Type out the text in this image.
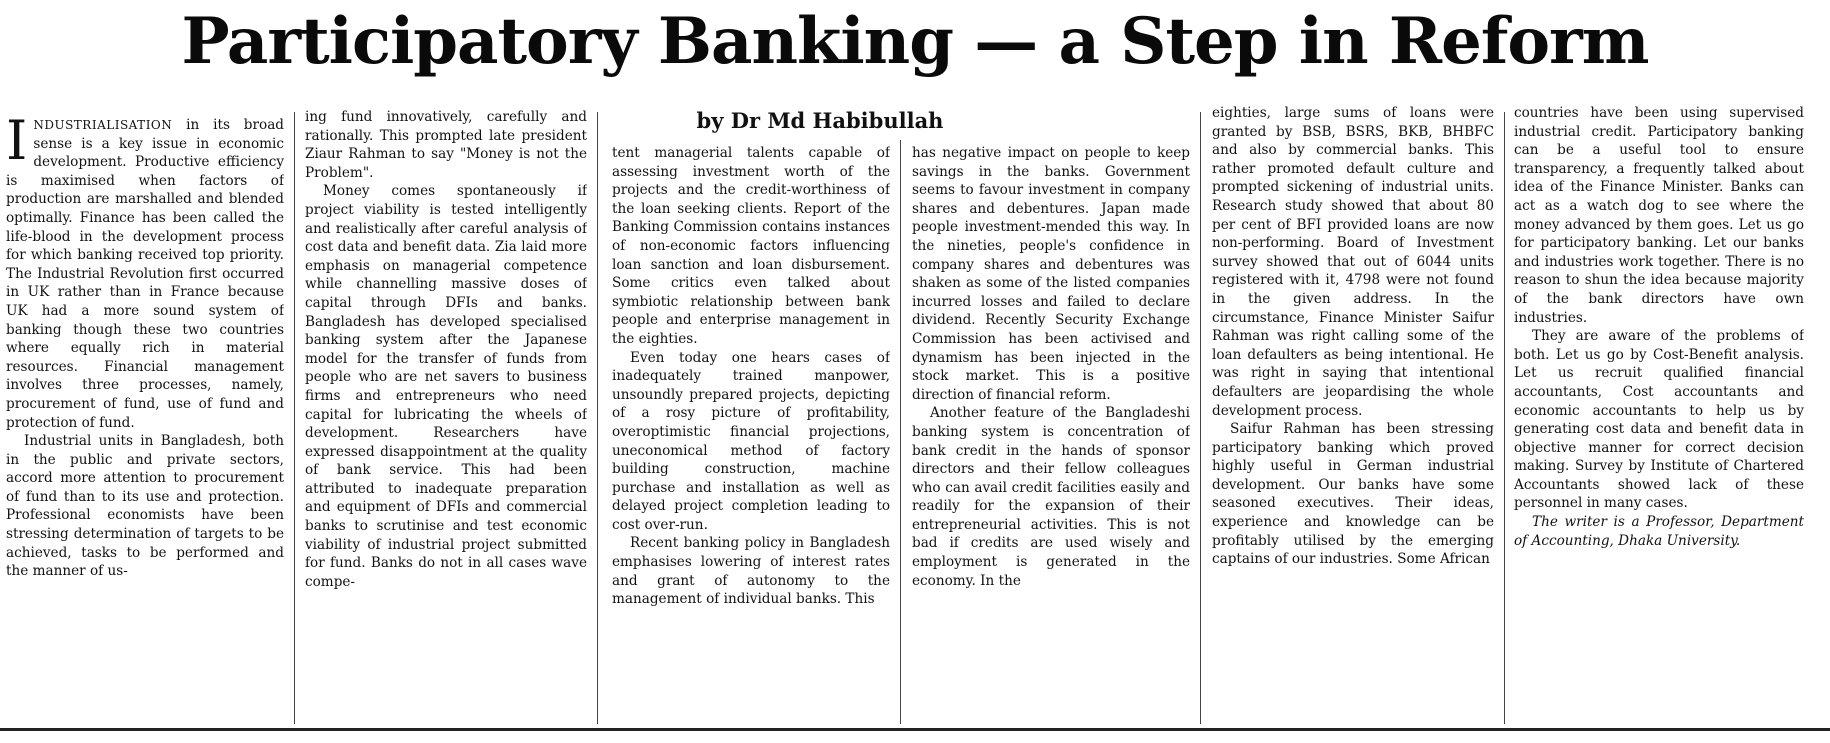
Participatory Banking — a Step in Reform
by Dr Md Habibullah

INDUSTRIALISATION in its broad sense is a key issue in economic development. Productive efficiency is maximised when factors of production are marshalled and blended optimally. Finance has been called the life-blood in the development process for which banking received top priority. The Industrial Revolution first occurred in UK rather than in France because UK had a more sound system of banking though these two countries where equally rich in material resources. Financial management involves three processes, namely, procurement of fund, use of fund and protection of fund.

Industrial units in Bangladesh, both in the public and private sectors, accord more attention to procurement of fund than to its use and protection. Professional economists have been stressing determination of targets to be achieved, tasks to be performed and the manner of us-

ing fund innovatively, carefully and rationally. This prompted late president Ziaur Rahman to say "Money is not the Problem".

Money comes spontaneously if project viability is tested intelligently and realistically after careful analysis of cost data and benefit data. Zia laid more emphasis on managerial competence while channelling massive doses of capital through DFIs and banks. Bangladesh has developed specialised banking system after the Japanese model for the transfer of funds from people who are net savers to business firms and entrepreneurs who need capital for lubricating the wheels of development. Researchers have expressed disappointment at the quality of bank service. This had been attributed to inadequate preparation and equipment of DFIs and commercial banks to scrutinise and test economic viability of industrial project submitted for fund. Banks do not in all cases wave compe-

tent managerial talents capable of assessing investment worth of the projects and the credit-worthiness of the loan seeking clients. Report of the Banking Commission contains instances of non-economic factors influencing loan sanction and loan disbursement. Some critics even talked about symbiotic relationship between bank people and enterprise management in the eighties.

Even today one hears cases of inadequately trained manpower, unsoundly prepared projects, depicting of a rosy picture of profitability, overoptimistic financial projections, uneconomical method of factory building construction, machine purchase and installation as well as delayed project completion leading to cost over-run.

Recent banking policy in Bangladesh emphasises lowering of interest rates and grant of autonomy to the management of individual banks. This

has negative impact on people to keep savings in the banks. Government seems to favour investment in company shares and debentures. Japan made people investment-mended this way. In the nineties, people's confidence in company shares and debentures was shaken as some of the listed companies incurred losses and failed to declare dividend. Recently Security Exchange Commission has been activised and dynamism has been injected in the stock market. This is a positive direction of financial reform.

Another feature of the Bangladeshi banking system is concentration of bank credit in the hands of sponsor directors and their fellow colleagues who can avail credit facilities easily and readily for the expansion of their entrepreneurial activities. This is not bad if credits are used wisely and employment is generated in the economy. In the

eighties, large sums of loans were granted by BSB, BSRS, BKB, BHBFC and also by commercial banks. This rather promoted default culture and prompted sickening of industrial units. Research study showed that about 80 per cent of BFI provided loans are now non-performing. Board of Investment survey showed that out of 6044 units registered with it, 4798 were not found in the given address. In the circumstance, Finance Minister Saifur Rahman was right calling some of the loan defaulters as being intentional. He was right in saying that intentional defaulters are jeopardising the whole development process.

Saifur Rahman has been stressing participatory banking which proved highly useful in German industrial development. Our banks have some seasoned executives. Their ideas, experience and knowledge can be profitably utilised by the emerging captains of our industries. Some African

countries have been using supervised industrial credit. Participatory banking can be a useful tool to ensure transparency, a frequently talked about idea of the Finance Minister. Banks can act as a watch dog to see where the money advanced by them goes. Let us go for participatory banking. Let our banks and industries work together. There is no reason to shun the idea because majority of the bank directors have own industries.

They are aware of the problems of both. Let us go by Cost-Benefit analysis. Let us recruit qualified financial accountants, Cost accountants and economic accountants to help us by generating cost data and benefit data in objective manner for correct decision making. Survey by Institute of Chartered Accountants showed lack of these personnel in many cases.

The writer is a Professor, Department of Accounting, Dhaka University.
